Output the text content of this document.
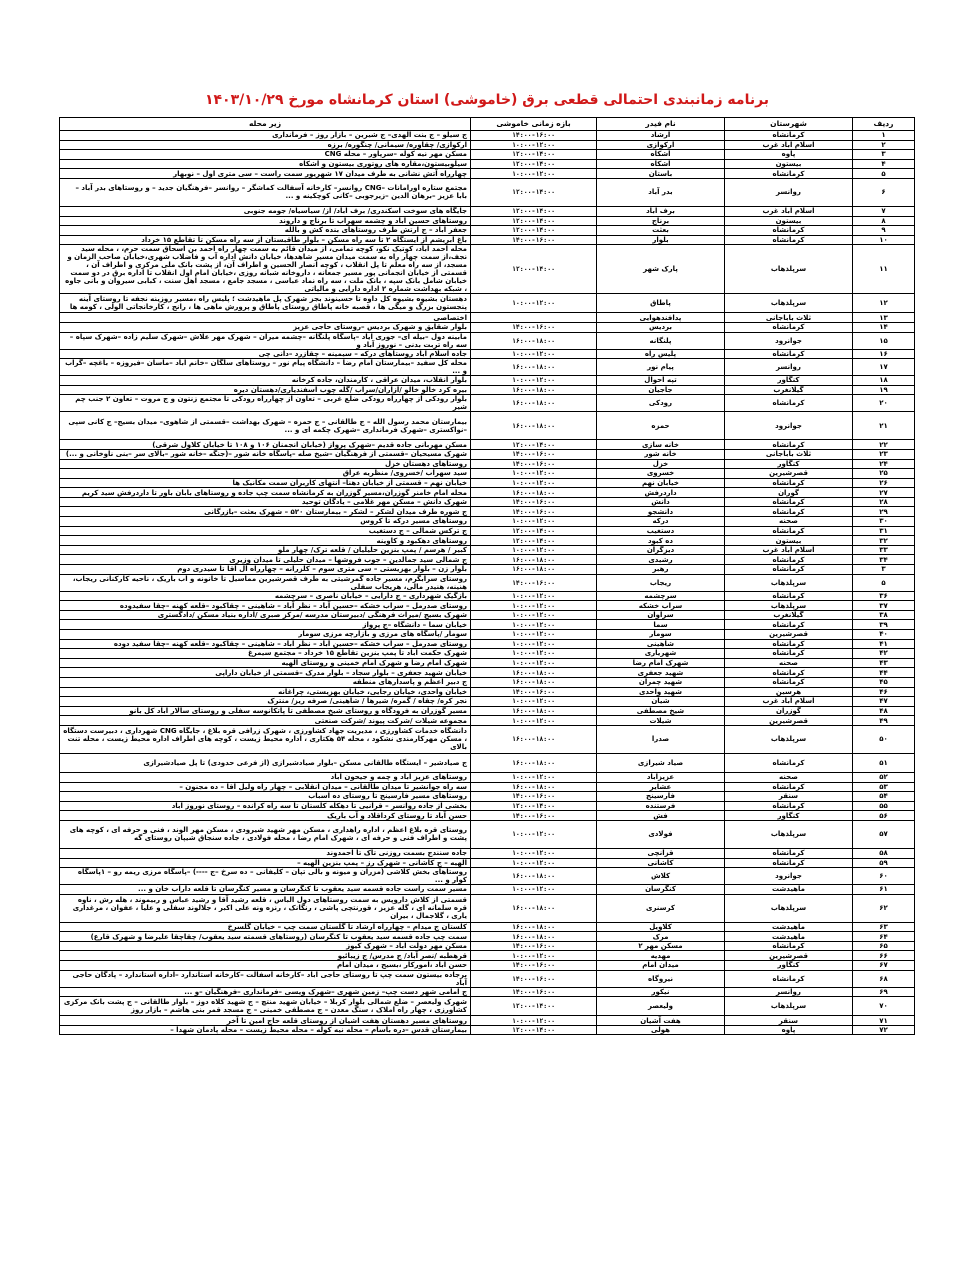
برنامه زمانبندی احتمالی قطعی برق (خاموشی) استان کرمانشاه مورخ ۱۴۰۳/۱۰/۲۹
ردیف	شهرستان	نام فیدر	بازه زمانی خاموشی	زیر محله
۱	کرمانشاه	ارشاد	۱۴:۰۰-۱۶:۰۰	ج سیلو – ج بنت الهدی– ج شیرین – بازار روز – فرمانداری
۲	اسلام آباد غرب	ارکوازی	۱۰:۰۰-۱۲:۰۰	ارکوازی/ چقاوره/ سیمانی/ چنگوره/ برزه
۳	پاوه	اشکاه	۱۲:۰۰-۱۴:۰۰	مسکن مهر نیه کوله –سرپاور – محله CNG
۴	بیستون	اشکاه	۱۲:۰۰-۱۴:۰۰	سیلوبیستون،مقاره های روتوری بیستون و اشکاه
۵	کرمانشاه	باستان	۱۰:۰۰-۱۲:۰۰	چهارراه آتش نشانی به طرف میدان ۱۷ شهریور سمت راست – سی متری اول – نوبهار
۶	روانسر	بدر آباد	۱۲:۰۰-۱۴:۰۰	مجتمع ستاره اورامانات –CNG روانسر– کارخانه آسفالت کماشگر – روانسر –فرهنگیان جدید – و روستاهای بدر آباد – بابا عزیز –برهان الدین –زیرجوبی –کانی کوچکینه و ...
۷	اسلام آباد غرب	برف آباد	۱۲:۰۰-۱۴:۰۰	جایگاه های سوخت اسکندری/ برف آباد/ از/ سیاسیاه/ جومه جنوبی
۸	بیستون	برناج	۱۲:۰۰-۱۴:۰۰	روستاهای حسین آباد و چشمه سهراب تا برناج و داروند
۹	کرمانشاه	بعثت	۱۲:۰۰-۱۴:۰۰	جعفر آباد – ج ارتش طرف روستاهای بنده کش و بالله
۱۰	کرمانشاه	بلوار	۱۴:۰۰-۱۶:۰۰	باغ ابریشم از ایستگاه ۲ تا سه راه مسکن – بلوار طاقبستان از سه راه مسکن تا تقاطع ۱۵ خرداد
۱۱	سرپلذهاب	پارک شهر	۱۲:۰۰-۱۴:۰۰	محله احمد آباد، کوتیک نکو، کوچه تمامی، از میدان قائم به سمت چهار راه احمد بن اسحاق سمت حرم، ، محله سید نجف،از سمت چهار راه به سمت میدان مسیر شاهدها، خیابان دانش اداره آب و فاضلاب شهری،خیابان صاحب الزمان و مسجد، از سه راه معلم تا پل انقلاب ، کوچه انصار الحسین و اطراف آن، از پشت بانک ملی مرکزی و اطراف آن ، قسمتی از خیابان انجمانی پور مسیر جمعانه ، داروخانه شبانه روزی ،خیابان امام اول انقلاب تا اداره برق در دو سمت خیابان شامل بانک سپه ، بانک ملت ، سه راه نماد عباسی ، مسجد جامع ، مسجد اهل سنت ، کبابی سیروان و بانی جاوه ، شبکه بهداشت شماره ۲ اداره دارایی و مالیاتی
۱۲	سرپلذهاب	پاطاق	۱۰:۰۰-۱۲:۰۰	دهستان بشیوه بشیوه کل داوه تا حسینوند بجز شهرک پل ماهیدشت ؛ پلیس راه ،مسیر روزینه نجفه تا روستای آینه پنجستون بزرگ و میگی ها ، قصبه خانه پاطاق روستای پاطاق و پرورش ماهی ها ، رانج ، کارخانجاتی الولی ، کومه ها
۱۳	ثلاث باباجانی	پدافندهوایی		اختصاصی
۱۴	کرمانشاه	بردیس	۱۴:۰۰-۱۶:۰۰	بلوار شقایق و شهرک بردیس –روستای حاجی عزیز
۱۵	جوانرود	پلنگانه	۱۶:۰۰-۱۸:۰۰	مابینه دول –بیله ای– جوری ایاد –پاسگاه پلنگانه –چشمه میران – شهرک مهر علاش –شهرک سلیم زاده –شهرک سپاه – سه راه تربت بدنی – نوروز آباد و
۱۶	کرمانشاه	پلیس راه	۱۰:۰۰-۱۲:۰۰	جاده اسلام آباد روستاهای درکه – سیمینه – چقازرد –دانی چی
۱۷	روانسر	پیام نور	۱۶:۰۰-۱۸:۰۰	محله کل سفید –بیمارستان امام رضا – دانشگاه پیام نور – روستاهای سلگان –خانم آباد –ماسان –فیروزه – باغچه –گراب و ...
۱۸	کنگاور	تپه احوال	۱۰:۰۰-۱۲:۰۰	بلوار انقلاب، میدان عراقی ، کارمندان، جاده کرخانه
۱۹	گیلانغرب	جاجیان	۱۶:۰۰-۱۸:۰۰	بیره کرد خالو خالو /ازاران/سرآب /گله چوب اسفندیاری/دهستان دیره
۲۰	کرمانشاه	رودکی	۱۶:۰۰-۱۸:۰۰	بلوار رودکی از چهارراه رودکی ضلع غربی – تعاون از چهارراه رودکی تا مجتمع زنتون و ج مروت – تعاون ۲ جنب چم شیر
۲۱	جوانرود	حمزه	۱۶:۰۰-۱۸:۰۰	بیمارستان محمد رسول الله – ج طالقانی – ج حمزه – شهرک بهداشت –قسمتی از شاهوی– میدان بسیج– ج کانی سپی –نواکستری –شهرک فرمانداری –شهرک چکمه ای و ...
۲۲	کرمانشاه	خانه سازی	۱۲:۰۰-۱۴:۰۰	مسکن مهربانی جاده قدیم –شهرک پرواز (خیابان انجمنان ۱۰۶ و ۱۰۸ تا خیابان کلاول شرقی)
۲۳	ثلاث باباجانی	خانه شور	۱۴:۰۰-۱۶:۰۰	شهرک مسیحیان –قسمتی از فرهنگیان –شیخ صله –پاسگاه خانه شور –(جنگه –خانه شور –بالای سر –بنی ناوخانی و ...)
۲۴	کنگاور	خزل	۱۴:۰۰-۱۶:۰۰	روستاهای دهستان خزل
۲۵	قصرشیرین	خسروی	۱۰:۰۰-۱۲:۰۰	سید سهراب /خسروی/ منظریه عراق
۲۶	کرمانشاه	خیابان نهم	۱۰:۰۰-۱۲:۰۰	خیابان نهم – قسمتی از خیابان دهنا– انتهای کاربران سمت مکانیک ها
۲۷	گوران	داردرفش	۱۶:۰۰-۱۸:۰۰	محله امام خامنر گوزران،مسیر گوزران به کرمانشاه سمت چپ جاده و روستاهای بابان باور تا داردرفش سید کریم
۲۸	کرمانشاه	دانش	۱۴:۰۰-۱۶:۰۰	شهرک دانش – مسکن مهر غلامی – یادگان توحید
۲۹	کرمانشاه	دانشجو	۱۴:۰۰-۱۶:۰۰	ج شوره طرف میدان لشکر – لشکر – بیمارستان ۵۲۰ – شهرک بعثت –بازرگانی
۳۰	صحنه	درکه	۱۰:۰۰-۱۲:۰۰	روستاهای مسیر درکه تا کروس
۳۱	کرمانشاه	دستغیب	۱۲:۰۰-۱۴:۰۰	ج ترکس شمالی – ج دستغیب
۳۲	بیستون	ده کبود	۱۲:۰۰-۱۴:۰۰	روستاهای دهکبود و کاوینه
۳۳	اسلام آباد غرب	دیزگران	۱۰:۰۰-۱۲:۰۰	کبیر / هرسم / پمپ بنزین حلیلیان / قلعه ترک/ چهار ملو
۳۴	کرمانشاه	رشیدی	۱۶:۰۰-۱۸:۰۰	ج شمالی سید جمالدین – جوب فروشها – میدان حلیلی تا میدان وزیری
۳	کرمانشاه	رهبر	۱۶:۰۰-۱۸:۰۰	بلوار زن – بلوار بهزیستی – سی متری سوم – کلزرانه – چهارراه آل آقا تا سیدری دوم
۵	سرپلذهاب	ریجاب	۱۴:۰۰-۱۶:۰۰	روستای سرابگرم، مسیر جاده گمرشیتی به طرف قصرشیرین مماسیل تا خانونه و آب باریک ، ناحیه کارکنانی ریجاب، هنینه، هنیدر مالی، هریجاب سفلی
۳۶	کرمانشاه	سرچشمه	۱۰:۰۰-۱۲:۰۰	بازگیک شهرداری – ج دارایی – خیابان ناصری – سرچشمه
۳۷	سرپلذهاب	سراب خشکه	۱۰:۰۰-۱۲:۰۰	روستای صدرمل – سراب خشکه –حسین آباد – نظر آباد – شاهینی – چقاکبود –قلعه کهنه –چقا سفیدوده
۳۸	گیلانغرب	سراوان	۱۰:۰۰-۱۲:۰۰	شهرک بسیج /میراث فرهنگی /دبیرستان مدرسه /مرکز صبری /اداره بنیاد مسکن /دادگستری
۳۹	کرمانشاه	سما	۱۰:۰۰-۱۲:۰۰	خیابان سما – دانشگاه –ج پرواز
۴۰	قصرشیرین	سومار	۱۰:۰۰-۱۲:۰۰	سومار /پاسگاه های مرزی و بازارچه مرزی سومار
۴۱	کرمانشاه	شاهینی	۱۰:۰۰-۱۲:۰۰	روستای صدرمل – سراب خشکه –حسین آباد – نظر آباد – شاهینی – چقاکبود –قلعه کهنه –چقا سفید دوده
۴۲	کرمانشاه	شهریاری	۱۰:۰۰-۱۲:۰۰	شهرک حکمت آباد تا پمپ بنزین تقاطع ۱۵ خرداد – مجتمع سیمرغ
۴۳	صحنه	شهرک امام رضا	۱۰:۰۰-۱۲:۰۰	شهرک امام رضا و شهرک امام خمینی و روستای الهیه
۴۴	کرمانشاه	شهید جعفری	۱۶:۰۰-۱۸:۰۰	خیابان شهید جعفری – بلوار سجاد – بلوار مدرک –قسمتی از خیابان داراپی
۴۵	کرمانشاه	شهید چمران	۱۶:۰۰-۱۸:۰۰	ج دبیر اعظم و پاسدارهای منطقه
۴۶	هرسین	شهید واحدی	۱۴:۰۰-۱۶:۰۰	خیابان واحدی، خیابان رجایی، خیابان بهزیستی، چراغانه
۴۷	اسلام آباد غرب	شیان	۱۰:۰۰-۱۲:۰۰	نجر کره/ چقاه / گمره/ شیرها / شاهینی/ صرفه ریز/ منترک
۴۸	گوزران	شیخ مصطفی	۱۶:۰۰-۱۸:۰۰	مسیر گوزران به فرودگاه و روستای شیخ مصطفی تا پاتکانوسه سفلی و روستای سالار آباد کل بانو
۴۹	قصرشیرین	شیلات	۱۰:۰۰-۱۲:۰۰	مجموعه شیلات /شرکت پیوند /شرکت صنعتی
۵۰	سرپلذهاب	صدرا	۱۶:۰۰-۱۸:۰۰	دانشگاه خدمات کشاورزی ، مدیریت جهاد کشاورزی ، شهرک زرافی قره بلاغ ، جایگاه CNG شهرداری ، دبیرست دستگاه ، مسکن مهرکارمندی نشکود ، محله ۵۴ هکتاری ، اداره محیط زیست ، کوچه های اطراف اداره محیط زیست ، محله تنت بالای
۵۱	کرمانشاه	صیاد شیرازی	۱۶:۰۰-۱۸:۰۰	ج صیادشیر – ایستگاه طالقانی مسکن –بلوار صیادشیرازی (از فرعی حدودی) تا پل صیادشیرازی
۵۲	صحنه	عزیزآباد	۱۰:۰۰-۱۲:۰۰	روستاهای عزیز آباد و چمه و جیحون آباد
۵۳	کرمانشاه	عشایر	۱۶:۰۰-۱۸:۰۰	سه راه جوانشیر تا میدان طالقانی – میدان انقلابی – چهار راه ولیل آقا – ده مجنون –
۵۴	سنقر	فارسینج	۱۴:۰۰-۱۶:۰۰	روستاهای مسیر فارسینج تا روستای ده اسباب
۵۵	کرمانشاه	فرستنده	۱۲:۰۰-۱۴:۰۰	بخشی از جاده روانسر – قرآنیی تا دهکله کلستان تا سه راه کرانده – روستای نوروز آباد
۵۶	کنگاور	فش	۱۴:۰۰-۱۶:۰۰	حسن آباد تا روستای کرداقلاد و آب باریک
۵۷	سرپلذهاب	فولادی	۱۰:۰۰-۱۲:۰۰	روستای قره بلاغ اعظم ، اداره راهداری ، مسکن مهر شهید شیرودی ، مسکن مهر الوند ، فنی و حرفه ای ، کوچه های پشت و اطراف فنی و حرفه ای ، شهرک امام رضا ، محله فولادی ، جاده سنجاق شیپان روستای گه
۵۸	کرمانشاه	قزانچی	۱۰:۰۰-۱۲:۰۰	جاده سنندج بسمت روزنی تاک تا احمدوند
۵۹	کرمانشاه	کاشانی	۱۰:۰۰-۱۲:۰۰	الهیه – ج کاشانی – شهرک رز – پمپ بنزین الهیه –
۶۰	جوانرود	کلاش	۱۶:۰۰-۱۸:۰۰	روستاهای بخش کلاشی (مزران و میونه و بالی تپان – کلیفانی – ده سرخ –ج ----) –پاسگاه مرزی ریمه رو – ۱پاسگاه کوار و ...
۶۱	ماهیدشت	کنگرسان	۱۰:۰۰-۱۲:۰۰	مسیر سمت راست جاده قسمه سید یعقوب تا کنگرسان و مسیر کنگرسان تا قلعه داراب خان و ...
۶۲	سرپلذهاب	کرسنری	۱۶:۰۰-۱۸:۰۰	قسمتی از کلاش داروپس به سمت روستاهای دول الباس ، قلعه رشید آقا و رشید عباس و ربیموند ، هله رش ، ناوه قره سلمانه ای ، گله عزیز ، قورنتچی پاشی ، رنگانک ، رنزه ونه علی اکبر ، جلالوند سفلی و علیا ، عفوان ، مرغداری یاری ، گلاجمال ، بیران
۶۳	ماهیدشت	کلاویل	۱۶:۰۰-۱۸:۰۰	کلستان ج میدام – چهارراه ارشاد تا گلستان سمت چپ – خیابان گلسرخ
۶۴	ماهیدشت	مرک	۱۶:۰۰-۱۸:۰۰	سمت چپ جاده قسمه سید یعقوب تا کنگرسان (روستاهای قسمته سید یعقوب/ چقاچقا علیرضا و شهرک قارع)
۶۵	کرمانشاه	مسکن مهر ۲	۱۴:۰۰-۱۶:۰۰	مسکن مهر دولت آباد – شهرک کیوز
۶۶	قصرشیرین	مهدیه	۱۰:۰۰-۱۲:۰۰	قرهطبه /نصر آباد/ ج مدرس/ ج زیبائیو
۶۷	کنگاور	میدان امام	۱۴:۰۰-۱۶:۰۰	حسن اباد ،امورکار ،بسیج ، میدان امام
۶۸	کرمانشاه	نیروگاه	۱۴:۰۰-۱۶:۰۰	برجاده بیستون سمت چپ تا روستای حاجی آباد –کارخانه آسفالت –کارخانه استاندارد –اداره استاندارد – پادگان حاجی آباد
۶۹	روانسر	نیکور	۱۴:۰۰-۱۶:۰۰	ج امامی شهر دست چپ– زمین شهری –شهرک ویسی –فرمانداری –فرهنگیان –و ...
۷۰	سرپلذهاب	ولیعصر	۱۲:۰۰-۱۴:۰۰	شهرک ولیعصر – ضلع شمالی بلوار کربلا – خیابان شهید منتچ – ج شهید کلاه دوز – بلوار طالقانی – ج پشت بانک مرکزی کشاورزی ، چهار راه املاک ، سنگ معدن – ج مصطفی خمینی – ج مسجد قمر بنی هاشم – بازار روز
۷۱	سنقر	هفت آشیان	۱۰:۰۰-۱۲:۰۰	روستاهای مسیر دهستان هفت اشیان از روستای قلعه حاج امین تا آخر
۷۲	پاوه	هولی	۱۲:۰۰-۱۴:۰۰	بیمارستان قدس –دره باسام – محله نیه کوله – محله محیط زیست – محله پادمان شهدا –
